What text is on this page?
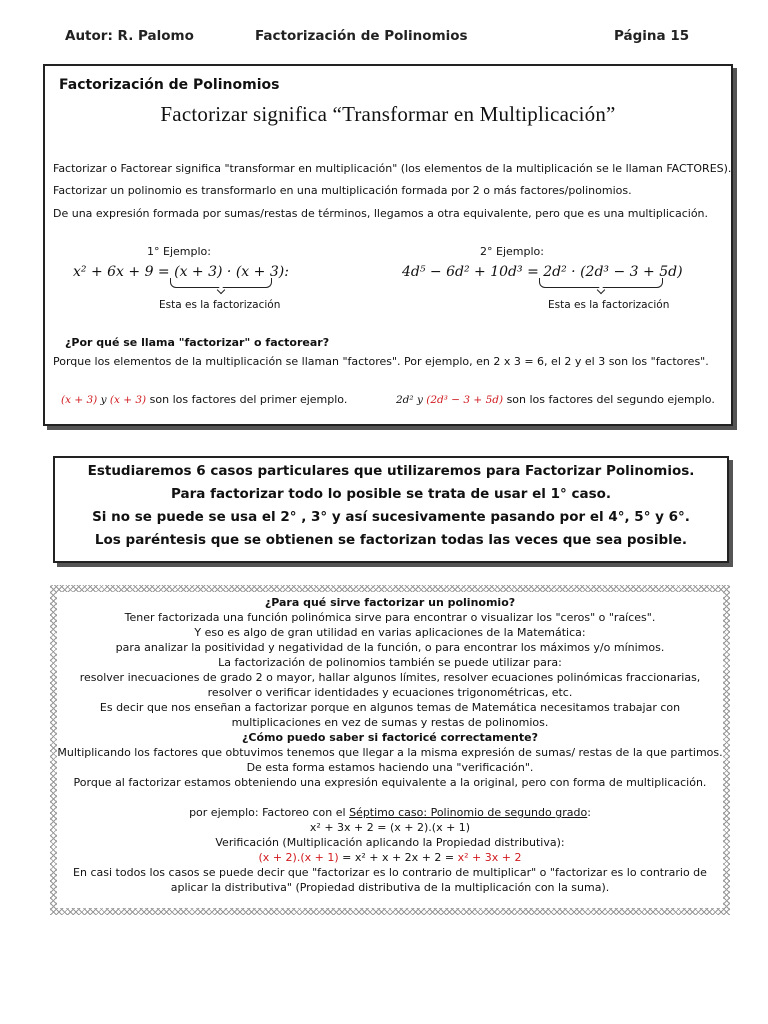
Autor: R. Palomo	Factorización de Polinomios	Página 15
Factorización de Polinomios
Factorizar significa “Transformar en Multiplicación”
Factorizar o Factorear significa "transformar en multiplicación" (los elementos de la multiplicación se le llaman FACTORES).
Factorizar un polinomio es transformarlo en una multiplicación formada por 2 o más factores/polinomios.
De una expresión formada por sumas/restas de términos, llegamos a otra equivalente, pero que es una multiplicación.
1° Ejemplo:
x² + 6x + 9 = (x + 3) · (x + 3):
Esta es la factorización
2° Ejemplo:
4d⁵ − 6d² + 10d³ = 2d² · (2d³ − 3 + 5d)
Esta es la factorización
¿Por qué se llama "factorizar" o factorear?
Porque los elementos de la multiplicación se llaman "factores". Por ejemplo, en 2 x 3 = 6, el 2 y el 3 son los "factores".
(x + 3) y (x + 3) son los factores del primer ejemplo.	2d² y (2d³ − 3 + 5d) son los factores del segundo ejemplo.
Estudiaremos 6 casos particulares que utilizaremos para Factorizar Polinomios.
Para factorizar todo lo posible se trata de usar el 1° caso.
Si no se puede se usa el 2° , 3° y así sucesivamente pasando por el 4°, 5° y 6°.
Los paréntesis que se obtienen se factorizan todas las veces que sea posible.
¿Para qué sirve factorizar un polinomio?
Tener factorizada una función polinómica sirve para encontrar o visualizar los "ceros" o "raíces".
Y eso es algo de gran utilidad en varias aplicaciones de la Matemática:
para analizar la positividad y negatividad de la función, o para encontrar los máximos y/o mínimos.
La factorización de polinomios también se puede utilizar para:
resolver inecuaciones de grado 2 o mayor, hallar algunos límites, resolver ecuaciones polinómicas fraccionarias,
resolver o verificar identidades y ecuaciones trigonométricas, etc.
Es decir que nos enseñan a factorizar porque en algunos temas de Matemática necesitamos trabajar con
multiplicaciones en vez de sumas y restas de polinomios.
¿Cómo puedo saber si factoricé correctamente?
Multiplicando los factores que obtuvimos tenemos que llegar a la misma expresión de sumas/ restas de la que partimos.
De esta forma estamos haciendo una "verificación".
Porque al factorizar estamos obteniendo una expresión equivalente a la original, pero con forma de multiplicación.
por ejemplo: Factoreo con el Séptimo caso: Polinomio de segundo grado:
x² + 3x + 2 = (x + 2).(x + 1)
Verificación (Multiplicación aplicando la Propiedad distributiva):
(x + 2).(x + 1) = x² + x + 2x + 2 = x² + 3x + 2
En casi todos los casos se puede decir que "factorizar es lo contrario de multiplicar" o "factorizar es lo contrario de
aplicar la distributiva" (Propiedad distributiva de la multiplicación con la suma).
